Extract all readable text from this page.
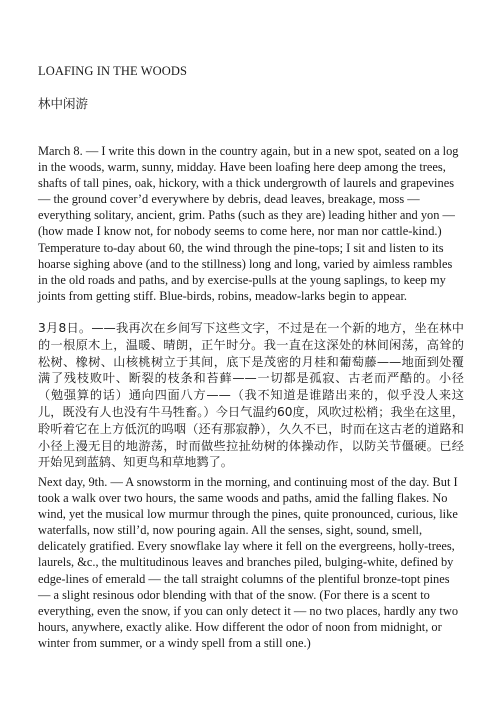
LOAFING IN THE WOODS
林中闲游

March 8. — I write this down in the country again, but in a new spot, seated on a log in the woods, warm, sunny, midday. Have been loafing here deep among the trees, shafts of tall pines, oak, hickory, with a thick undergrowth of laurels and grapevines — the ground cover’d everywhere by debris, dead leaves, breakage, moss — everything solitary, ancient, grim. Paths (such as they are) leading hither and yon — (how made I know not, for nobody seems to come here, nor man nor cattle-kind.) Temperature to-day about 60, the wind through the pine-tops; I sit and listen to its hoarse sighing above (and to the stillness) long and long, varied by aimless rambles in the old roads and paths, and by exercise-pulls at the young saplings, to keep my joints from getting stiff. Blue-birds, robins, meadow-larks begin to appear.

3月8日。——我再次在乡间写下这些文字，不过是在一个新的地方，坐在林中的一根原木上，温暖、晴朗，正午时分。我一直在这深处的林间闲荡，高耸的松树、橡树、山核桃树立于其间，底下是茂密的月桂和葡萄藤——地面到处覆满了残枝败叶、断裂的枝条和苔藓——一切都是孤寂、古老而严酷的。小径（勉强算的话）通向四面八方——（我不知道是谁踏出来的，似乎没人来这儿，既没有人也没有牛马牲畜。）今日气温约60度，风吹过松梢；我坐在这里，聆听着它在上方低沉的呜咽（还有那寂静），久久不已，时而在这古老的道路和小径上漫无目的地游荡，时而做些拉扯幼树的体操动作，以防关节僵硬。已经开始见到蓝鸫、知更鸟和草地鹨了。

Next day, 9th. — A snowstorm in the morning, and continuing most of the day. But I took a walk over two hours, the same woods and paths, amid the falling flakes. No wind, yet the musical low murmur through the pines, quite pronounced, curious, like waterfalls, now still’d, now pouring again. All the senses, sight, sound, smell, delicately gratified. Every snowflake lay where it fell on the evergreens, holly-trees, laurels, &c., the multitudinous leaves and branches piled, bulging-white, defined by edge-lines of emerald — the tall straight columns of the plentiful bronze-topt pines — a slight resinous odor blending with that of the snow. (For there is a scent to everything, even the snow, if you can only detect it — no two places, hardly any two hours, anywhere, exactly alike. How different the odor of noon from midnight, or winter from summer, or a windy spell from a still one.)
